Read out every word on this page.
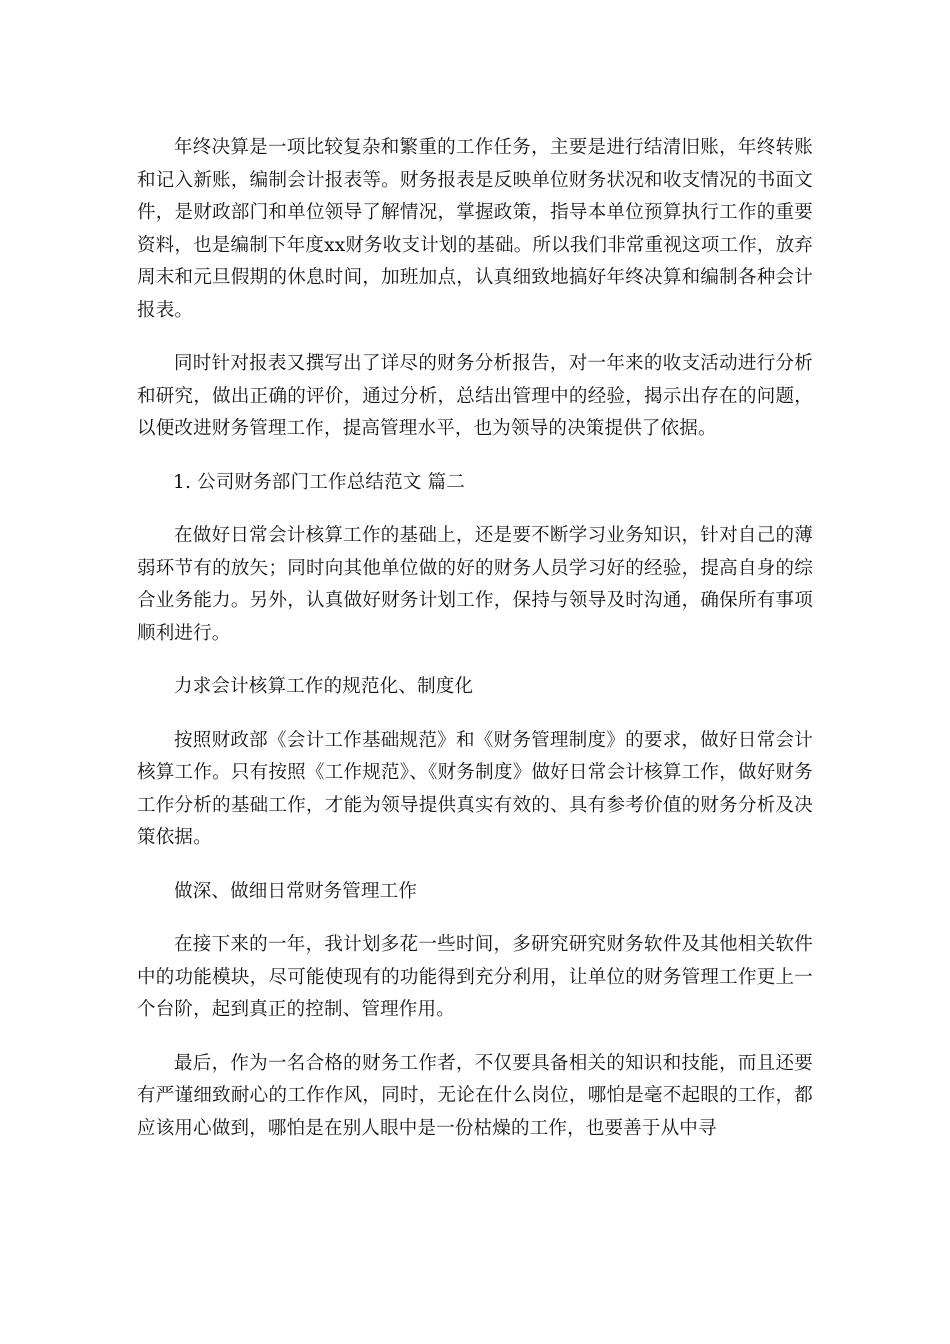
年终决算是一项比较复杂和繁重的工作任务，主要是进行结清旧账，年终转账和记入新账，编制会计报表等。财务报表是反映单位财务状况和收支情况的书面文件，是财政部门和单位领导了解情况，掌握政策，指导本单位预算执行工作的重要资料，也是编制下年度xx财务收支计划的基础。所以我们非常重视这项工作，放弃周末和元旦假期的休息时间，加班加点，认真细致地搞好年终决算和编制各种会计报表。

同时针对报表又撰写出了详尽的财务分析报告，对一年来的收支活动进行分析和研究，做出正确的评价，通过分析，总结出管理中的经验，揭示出存在的问题，以便改进财务管理工作，提高管理水平，也为领导的决策提供了依据。

1. 公司财务部门工作总结范文 篇二

在做好日常会计核算工作的基础上，还是要不断学习业务知识，针对自己的薄弱环节有的放矢；同时向其他单位做的好的财务人员学习好的经验，提高自身的综合业务能力。另外，认真做好财务计划工作，保持与领导及时沟通，确保所有事项顺利进行。

力求会计核算工作的规范化、制度化

按照财政部《会计工作基础规范》和《财务管理制度》的要求，做好日常会计核算工作。只有按照《工作规范》、《财务制度》做好日常会计核算工作，做好财务工作分析的基础工作，才能为领导提供真实有效的、具有参考价值的财务分析及决策依据。

做深、做细日常财务管理工作

在接下来的一年，我计划多花一些时间，多研究研究财务软件及其他相关软件中的功能模块，尽可能使现有的功能得到充分利用，让单位的财务管理工作更上一个台阶，起到真正的控制、管理作用。

最后，作为一名合格的财务工作者，不仅要具备相关的知识和技能，而且还要有严谨细致耐心的工作作风，同时，无论在什么岗位，哪怕是毫不起眼的工作，都应该用心做到，哪怕是在别人眼中是一份枯燥的工作，也要善于从中寻
